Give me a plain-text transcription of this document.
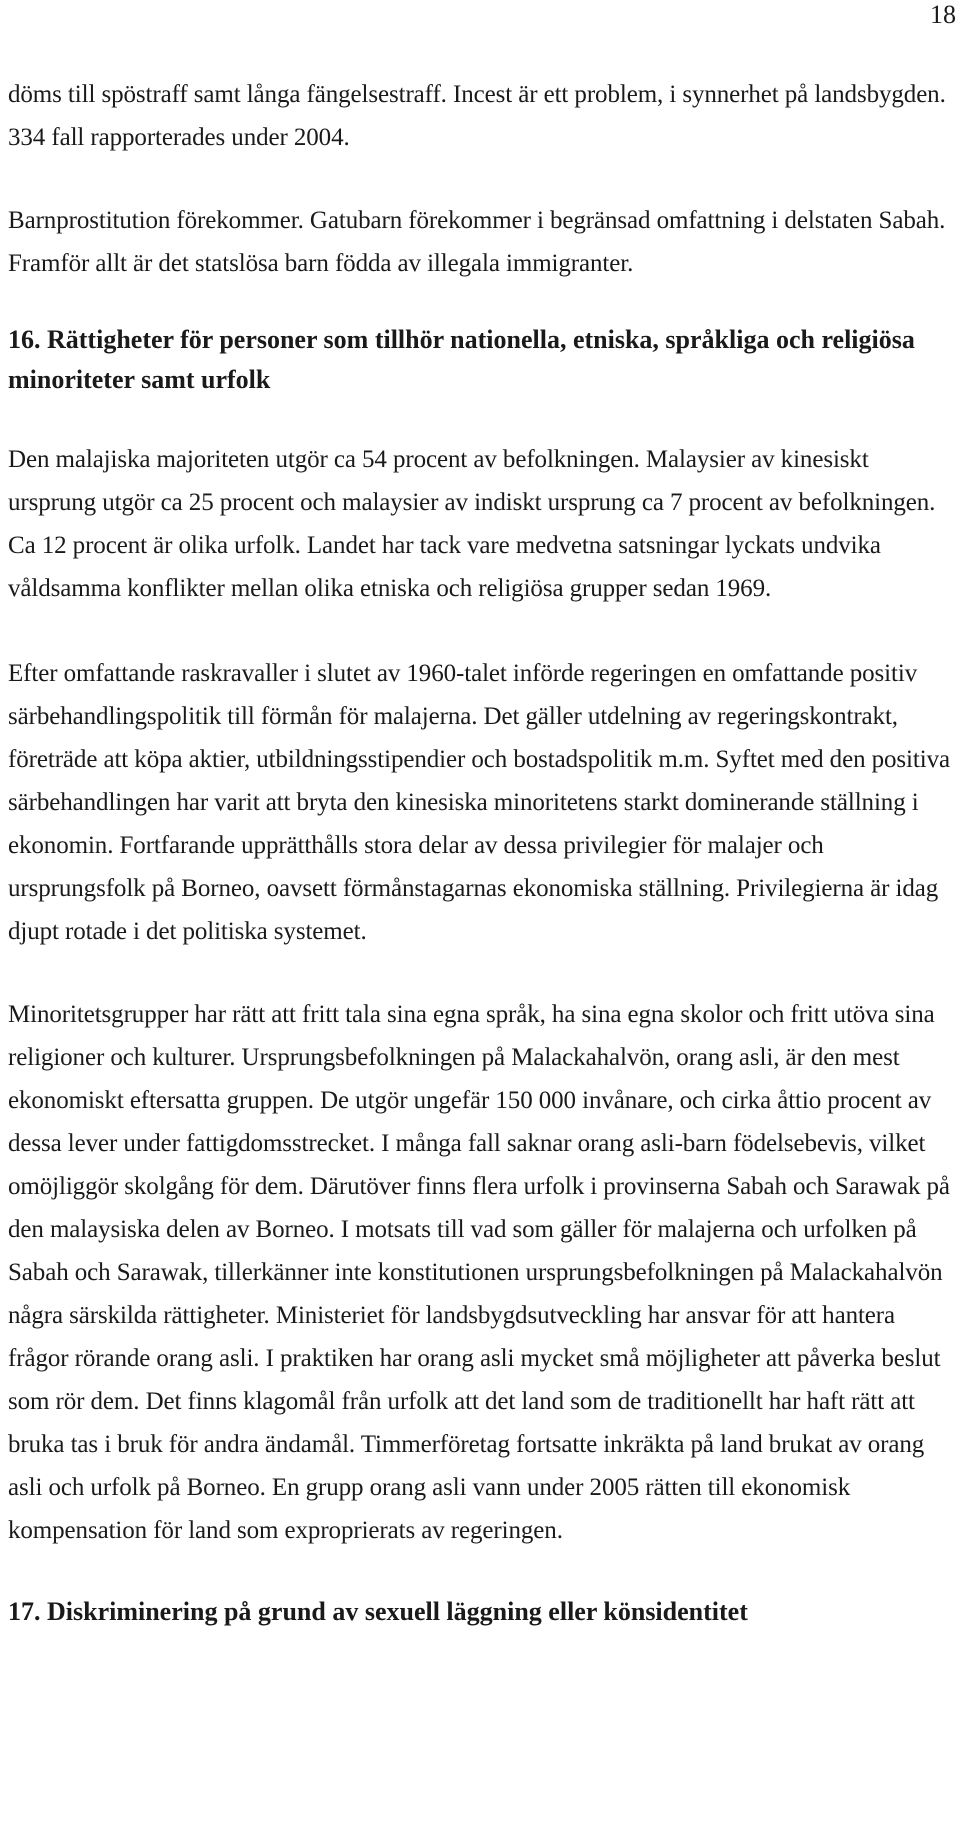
18

döms till spöstraff samt långa fängelsestraff. Incest är ett problem, i synnerhet på landsbygden. 334 fall rapporterades under 2004.

Barnprostitution förekommer. Gatubarn förekommer i begränsad omfattning i delstaten Sabah. Framför allt är det statslösa barn födda av illegala immigranter.

16. Rättigheter för personer som tillhör nationella, etniska, språkliga och religiösa minoriteter samt urfolk

Den malajiska majoriteten utgör ca 54 procent av befolkningen. Malaysier av kinesiskt ursprung utgör ca 25 procent och malaysier av indiskt ursprung ca 7 procent av befolkningen. Ca 12 procent är olika urfolk. Landet har tack vare medvetna satsningar lyckats undvika våldsamma konflikter mellan olika etniska och religiösa grupper sedan 1969.

Efter omfattande raskravaller i slutet av 1960-talet införde regeringen en omfattande positiv särbehandlingspolitik till förmån för malajerna. Det gäller utdelning av regeringskontrakt, företräde att köpa aktier, utbildningsstipendier och bostadspolitik m.m. Syftet med den positiva särbehandlingen har varit att bryta den kinesiska minoritetens starkt dominerande ställning i ekonomin. Fortfarande upprätthålls stora delar av dessa privilegier för malajer och ursprungsfolk på Borneo, oavsett förmånstagarnas ekonomiska ställning. Privilegierna är idag djupt rotade i det politiska systemet.

Minoritetsgrupper har rätt att fritt tala sina egna språk, ha sina egna skolor och fritt utöva sina religioner och kulturer. Ursprungsbefolkningen på Malackahalvön, orang asli, är den mest ekonomiskt eftersatta gruppen. De utgör ungefär 150 000 invånare, och cirka åttio procent av dessa lever under fattigdomsstrecket. I många fall saknar orang asli-barn födelsebevis, vilket omöjliggör skolgång för dem. Därutöver finns flera urfolk i provinserna Sabah och Sarawak på den malaysiska delen av Borneo. I motsats till vad som gäller för malajerna och urfolken på Sabah och Sarawak, tillerkänner inte konstitutionen ursprungsbefolkningen på Malackahalvön några särskilda rättigheter. Ministeriet för landsbygdsutveckling har ansvar för att hantera frågor rörande orang asli. I praktiken har orang asli mycket små möjligheter att påverka beslut som rör dem. Det finns klagomål från urfolk att det land som de traditionellt har haft rätt att bruka tas i bruk för andra ändamål. Timmerföretag fortsatte inkräkta på land brukat av orang asli och urfolk på Borneo. En grupp orang asli vann under 2005 rätten till ekonomisk kompensation för land som exproprierats av regeringen.

17. Diskriminering på grund av sexuell läggning eller könsidentitet
